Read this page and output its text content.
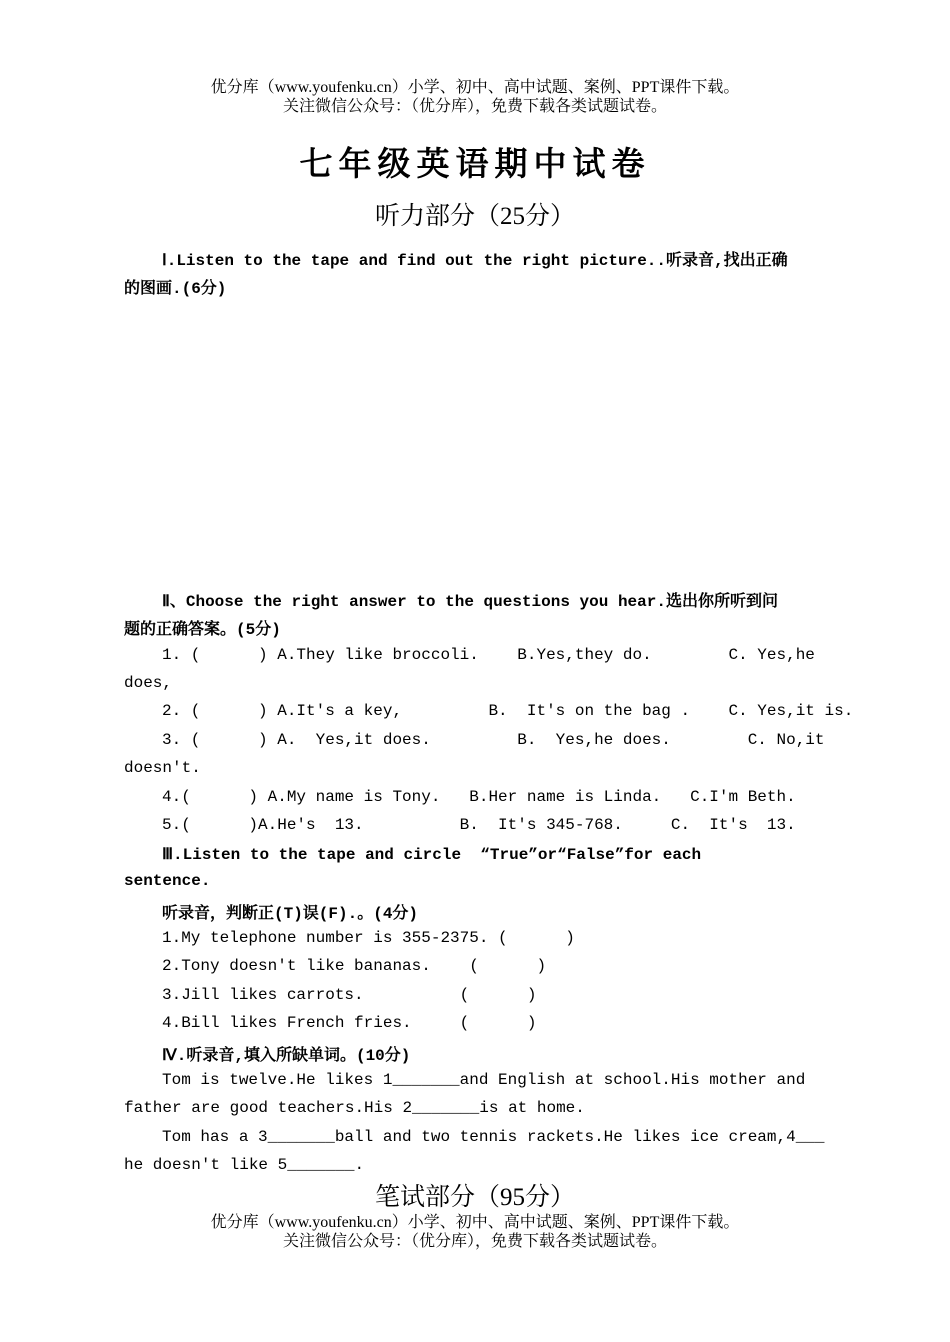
优分库（www.youfenku.cn）小学、初中、高中试题、案例、PPT课件下载。
关注微信公众号：（优分库），免费下载各类试题试卷。
七年级英语期中试卷
听力部分（25分）
Ⅰ.Listen to the tape and find out the right picture..听录音,找出正确
的图画.(6分)
Ⅱ、Choose the right answer to the questions you hear.选出你所听到问
题的正确答案。(5分)
1. (      ) A.They like broccoli.    B.Yes,they do.        C. Yes,he
does,
2. (      ) A.It's a key,         B.  It's on the bag .    C. Yes,it is.
3. (      ) A.  Yes,it does.         B.  Yes,he does.        C. No,it
doesn't.
4.(      ) A.My name is Tony.   B.Her name is Linda.   C.I'm Beth.
5.(      )A.He's  13.          B.  It's 345-768.     C.  It's  13.
Ⅲ.Listen to the tape and circle  “True”or“False”for each
sentence.
听录音，判断正(T)误(F).。(4分)
1.My telephone number is 355-2375. (      )
2.Tony doesn't like bananas.    (      )
3.Jill likes carrots.          (      )
4.Bill likes French fries.     (      )
Ⅳ.听录音,填入所缺单词。(10分)
Tom is twelve.He likes 1_______and English at school.His mother and
father are good teachers.His 2_______is at home.
Tom has a 3_______ball and two tennis rackets.He likes ice cream,4___
he doesn't like 5_______.
笔试部分（95分）
优分库（www.youfenku.cn）小学、初中、高中试题、案例、PPT课件下载。
关注微信公众号：（优分库），免费下载各类试题试卷。
